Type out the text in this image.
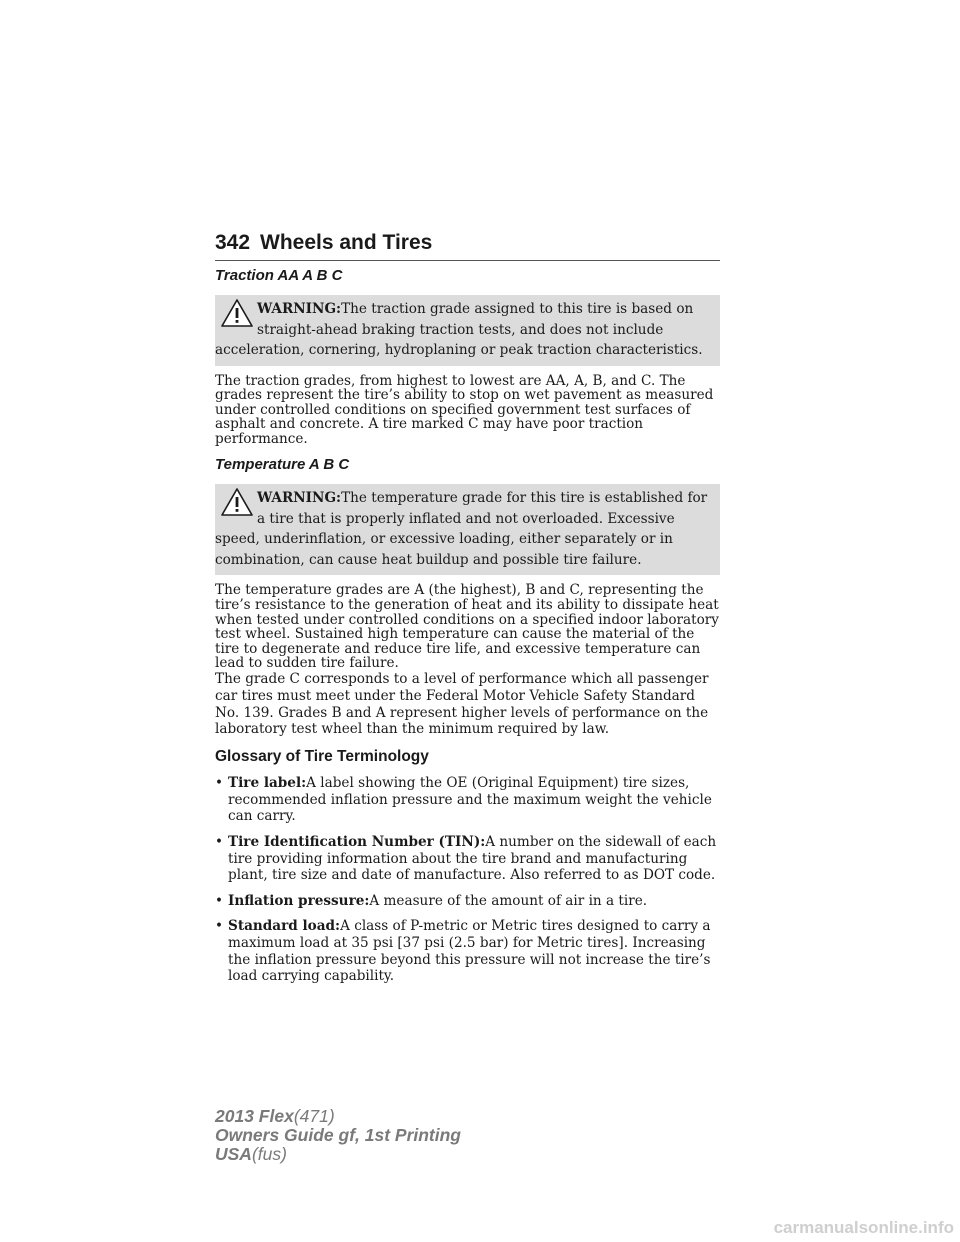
342 Wheels and Tires
Traction AA A B C

WARNING:The traction grade assigned to this tire is based on

straight-ahead braking traction tests, and does not include

acceleration, cornering, hydroplaning or peak traction characteristics.

The traction grades, from highest to lowest are AA, A, B, and C. The grades represent the tire’s ability to stop on wet pavement as measured under controlled conditions on specified government test surfaces of asphalt and concrete. A tire marked C may have poor traction performance.

Temperature A B C

WARNING:The temperature grade for this tire is established for

a tire that is properly inflated and not overloaded. Excessive

speed, underinflation, or excessive loading, either separately or in

combination, can cause heat buildup and possible tire failure.

The temperature grades are A (the highest), B and C, representing the tire’s resistance to the generation of heat and its ability to dissipate heat when tested under controlled conditions on a specified indoor laboratory test wheel. Sustained high temperature can cause the material of the tire to degenerate and reduce tire life, and excessive temperature can lead to sudden tire failure.

The grade C corresponds to a level of performance which all passenger car tires must meet under the Federal Motor Vehicle Safety Standard No. 139. Grades B and A represent higher levels of performance on the laboratory test wheel than the minimum required by law.

Glossary of Tire Terminology
• Tire label:A label showing the OE (Original Equipment) tire sizes, recommended inflation pressure and the maximum weight the vehicle can carry.
• Tire Identification Number (TIN):A number on the sidewall of each tire providing information about the tire brand and manufacturing plant, tire size and date of manufacture. Also referred to as DOT code.
• Inflation pressure:A measure of the amount of air in a tire.
• Standard load:A class of P-metric or Metric tires designed to carry a maximum load at 35 psi [37 psi (2.5 bar) for Metric tires]. Increasing the inflation pressure beyond this pressure will not increase the tire’s load carrying capability.
2013 Flex(471)
Owners Guide gf, 1st Printing
USA(fus)
carmanualsonline.info
